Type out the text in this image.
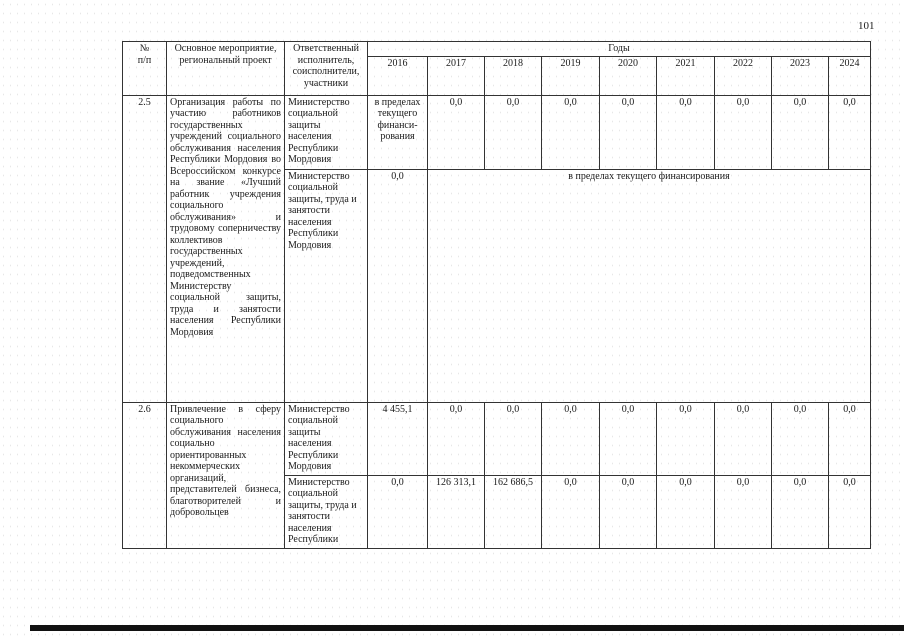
101
№
п/п	Основное мероприятие, региональный проект	Ответственный исполнитель, соисполнители, участники	Годы								
			2016	2017	2018	2019	2020	2021	2022	2023	2024
2.5	Организация работы по участию работников государственных учреждений социального обслуживания населения Республики Мордовия во Всероссийском конкурсе на звание «Лучший работник учреждения социального обслуживания» и трудовому соперничеству коллективов государственных учреждений, подведомственных Министерству социальной защиты, труда и занятости населения Республики Мордовия	Министерство социальной защиты населения Республики Мордовия	в пределах текущего финанси-рования	0,0	0,0	0,0	0,0	0,0	0,0	0,0	0,0
		Министерство социальной защиты, труда и занятости населения Республики Мордовия	0,0	в пределах текущего финансирования							
2.6	Привлечение в сферу социального обслуживания населения социально ориентированных некоммерческих организаций, представителей бизнеса, благотворителей и добровольцев	Министерство социальной защиты населения Республики Мордовия	4 455,1	0,0	0,0	0,0	0,0	0,0	0,0	0,0	0,0
		Министерство социальной защиты, труда и занятости населения Республики	0,0	126 313,1	162 686,5	0,0	0,0	0,0	0,0	0,0	0,0
